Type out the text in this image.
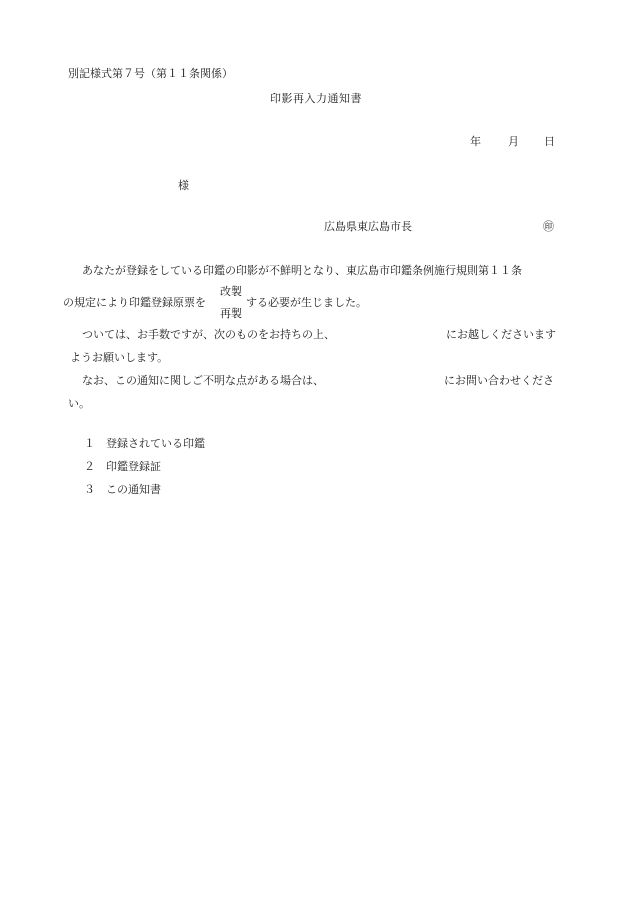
別記様式第７号（第１１条関係）
印影再入力通知書
年 月 日
様
広島県東広島市長	㊞
あなたが登録をしている印鑑の印影が不鮮明となり、東広島市印鑑条例施行規則第１１条
の規定により印鑑登録原票を
改製
再製
する必要が生じました。
ついては、お手数ですが、次のものをお持ちの上、	にお越しくださいます
ようお願いします。
なお、この通知に関しご不明な点がある場合は、	にお問い合わせくださ
い。
１ 登録されている印鑑
２ 印鑑登録証
３ この通知書
